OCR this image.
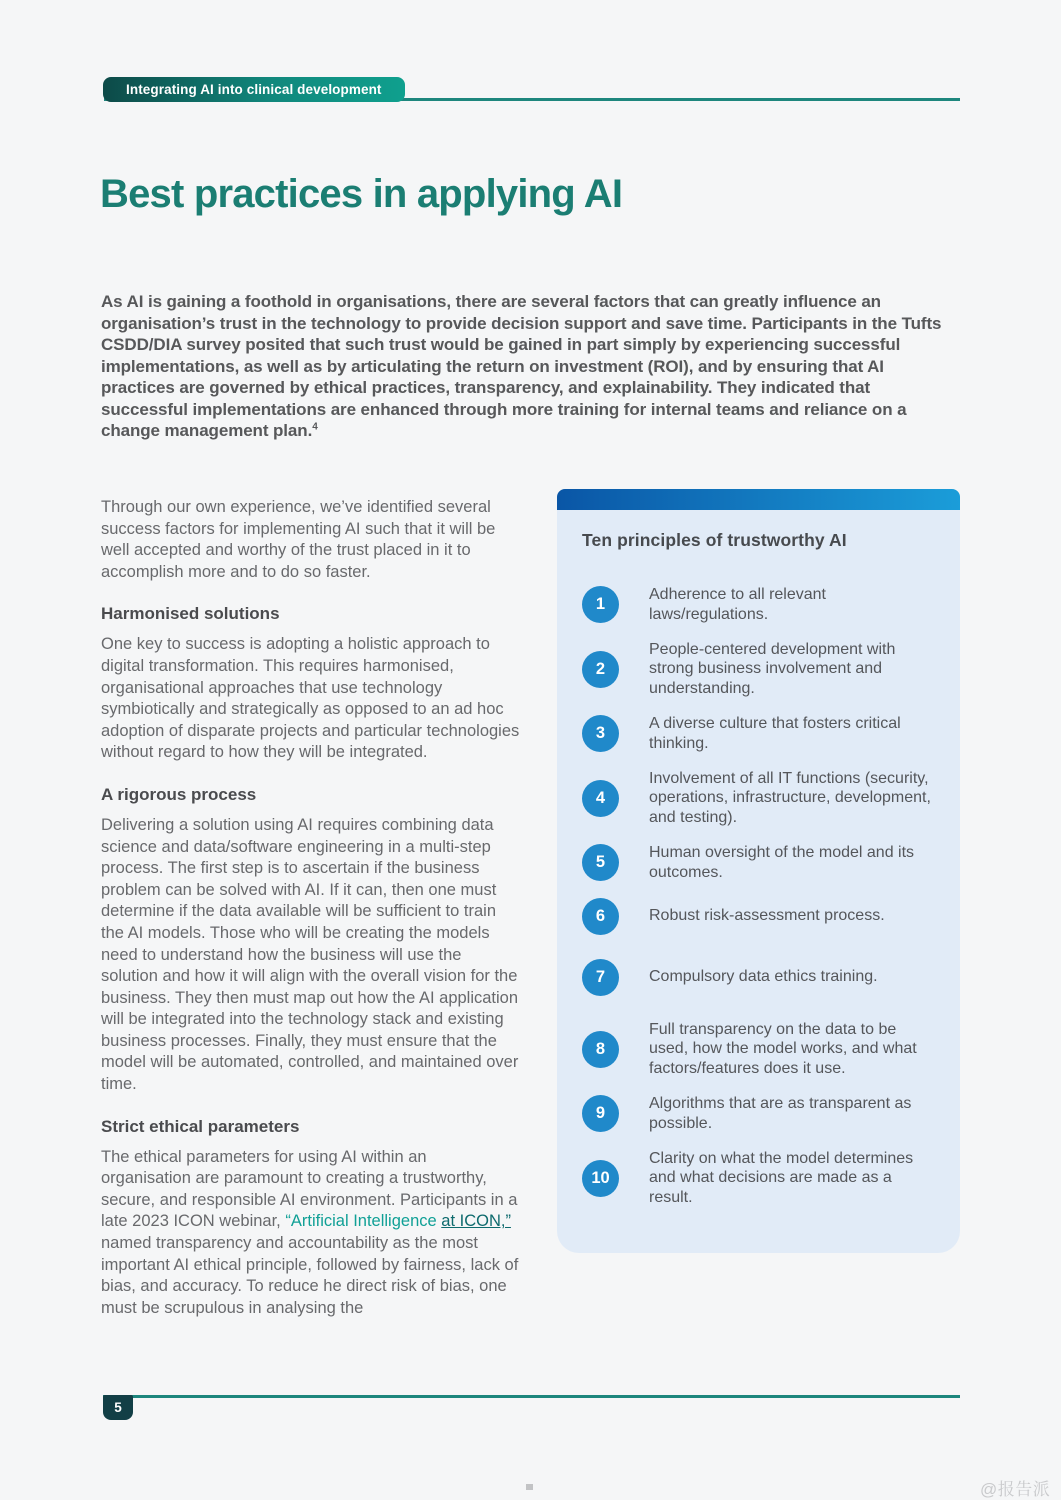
Integrating AI into clinical development
Best practices in applying AI

As AI is gaining a foothold in organisations, there are several factors that can greatly influence an organisation’s trust in the technology to provide decision support and save time. Participants in the Tufts CSDD/DIA survey posited that such trust would be gained in part simply by experiencing successful implementations, as well as by articulating the return on investment (ROI), and by ensuring that AI practices are governed by ethical practices, transparency, and explainability. They indicated that successful implementations are enhanced through more training for internal teams and reliance on a change management plan.$^4$

Through our own experience, we’ve identified several success factors for implementing AI such that it will be well accepted and worthy of the trust placed in it to accomplish more and to do so faster.

Harmonised solutions

One key to success is adopting a holistic approach to digital transformation. This requires harmonised, organisational approaches that use technology symbiotically and strategically as opposed to an ad hoc adoption of disparate projects and particular technologies without regard to how they will be integrated.

A rigorous process

Delivering a solution using AI requires combining data science and data/software engineering in a multi-step process. The first step is to ascertain if the business problem can be solved with AI. If it can, then one must determine if the data available will be sufficient to train the AI models. Those who will be creating the models need to understand how the business will use the solution and how it will align with the overall vision for the business. They then must map out how the AI application will be integrated into the technology stack and existing business processes. Finally, they must ensure that the model will be automated, controlled, and maintained over time.

Strict ethical parameters

The ethical parameters for using AI within an organisation are paramount to creating a trustworthy, secure, and responsible AI environment. Participants in a late 2023 ICON webinar, “Artificial Intelligence at ICON,” named transparency and accountability as the most important AI ethical principle, followed by fairness, lack of bias, and accuracy. To reduce he direct risk of bias, one must be scrupulous in analysing the

Ten principles of trustworthy AI
1
Adherence to all relevant laws/regulations.
2
People-centered development with strong business involvement and understanding.
3
A diverse culture that fosters critical thinking.
4
Involvement of all IT functions (security, operations, infrastructure, development, and testing).
5
Human oversight of the model and its outcomes.
6	Robust risk-assessment process.
7	Compulsory data ethics training.
8
Full transparency on the data to be used, how the model works, and what factors/features does it use.
9
Algorithms that are as transparent as possible.
10
Clarity on what the model determines and what decisions are made as a result.
5
@报告派
